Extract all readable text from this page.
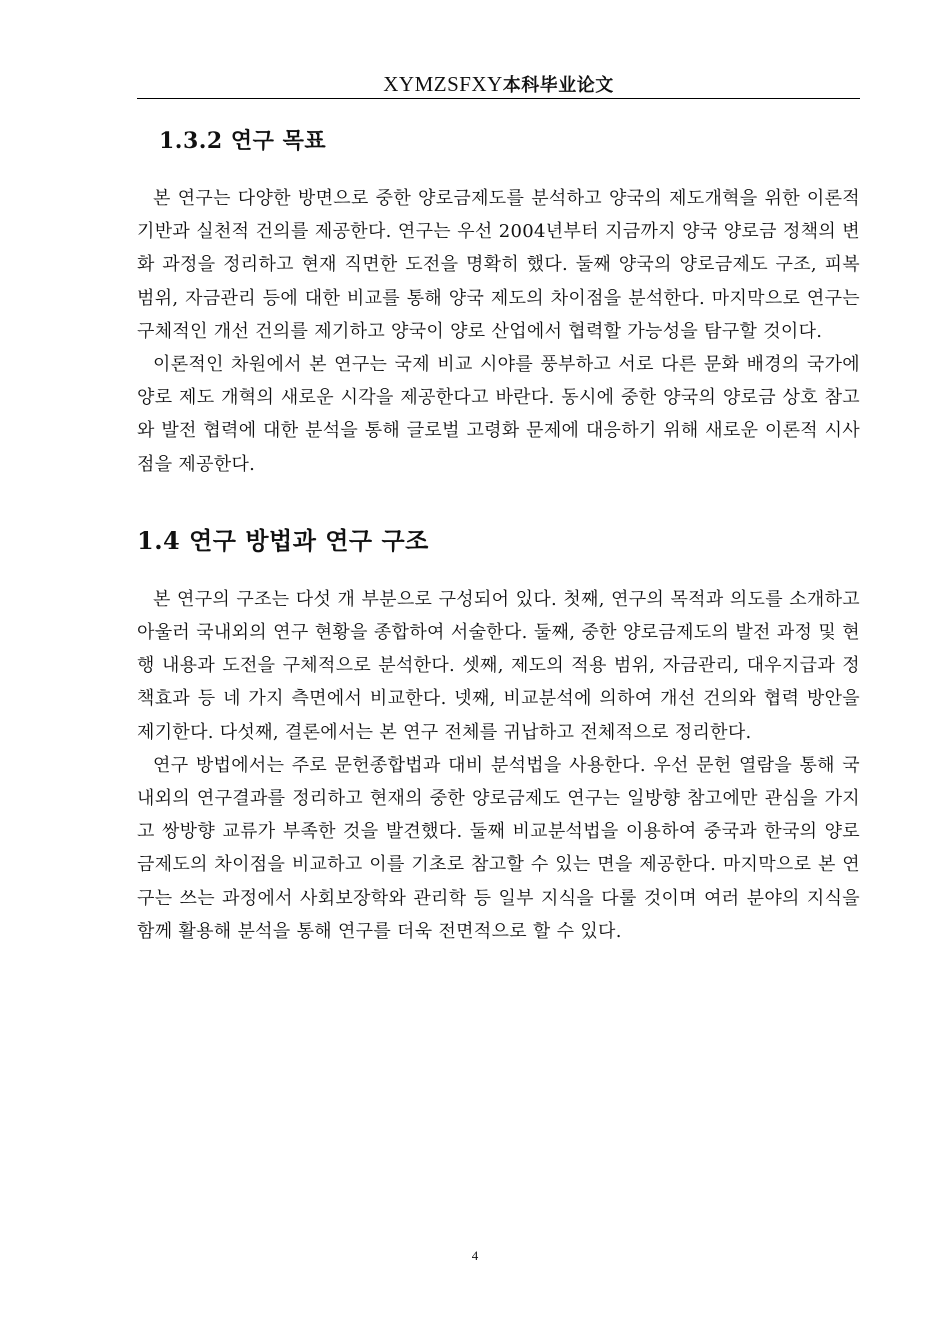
XYMZSFXY本科毕业论文
1.3.2 연구 목표

본 연구는 다양한 방면으로 중한 양로금제도를 분석하고 양국의 제도개혁을 위한 이론적 기반과 실천적 건의를 제공한다. 연구는 우선 2004년부터 지금까지 양국 양로금 정책의 변화 과정을 정리하고 현재 직면한 도전을 명확히 했다. 둘째 양국의 양로금제도 구조, 피복 범위, 자금관리 등에 대한 비교를 통해 양국 제도의 차이점을 분석한다. 마지막으로 연구는 구체적인 개선 건의를 제기하고 양국이 양로 산업에서 협력할 가능성을 탐구할 것이다.

이론적인 차원에서 본 연구는 국제 비교 시야를 풍부하고 서로 다른 문화 배경의 국가에 양로 제도 개혁의 새로운 시각을 제공한다고 바란다. 동시에 중한 양국의 양로금 상호 참고와 발전 협력에 대한 분석을 통해 글로벌 고령화 문제에 대응하기 위해 새로운 이론적 시사점을 제공한다.

1.4 연구 방법과 연구 구조

본 연구의 구조는 다섯 개 부분으로 구성되어 있다. 첫째, 연구의 목적과 의도를 소개하고 아울러 국내외의 연구 현황을 종합하여 서술한다. 둘째, 중한 양로금제도의 발전 과정 및 현행 내용과 도전을 구체적으로 분석한다. 셋째, 제도의 적용 범위, 자금관리, 대우지급과 정책효과 등 네 가지 측면에서 비교한다. 넷째, 비교분석에 의하여 개선 건의와 협력 방안을 제기한다. 다섯째, 결론에서는 본 연구 전체를 귀납하고 전체적으로 정리한다.

연구 방법에서는 주로 문헌종합법과 대비 분석법을 사용한다. 우선 문헌 열람을 통해 국내외의 연구결과를 정리하고 현재의 중한 양로금제도 연구는 일방향 참고에만 관심을 가지고 쌍방향 교류가 부족한 것을 발견했다. 둘째 비교분석법을 이용하여 중국과 한국의 양로금제도의 차이점을 비교하고 이를 기초로 참고할 수 있는 면을 제공한다. 마지막으로 본 연구는 쓰는 과정에서 사회보장학와 관리학 등 일부 지식을 다룰 것이며 여러 분야의 지식을 함께 활용해 분석을 통해 연구를 더욱 전면적으로 할 수 있다.

4
